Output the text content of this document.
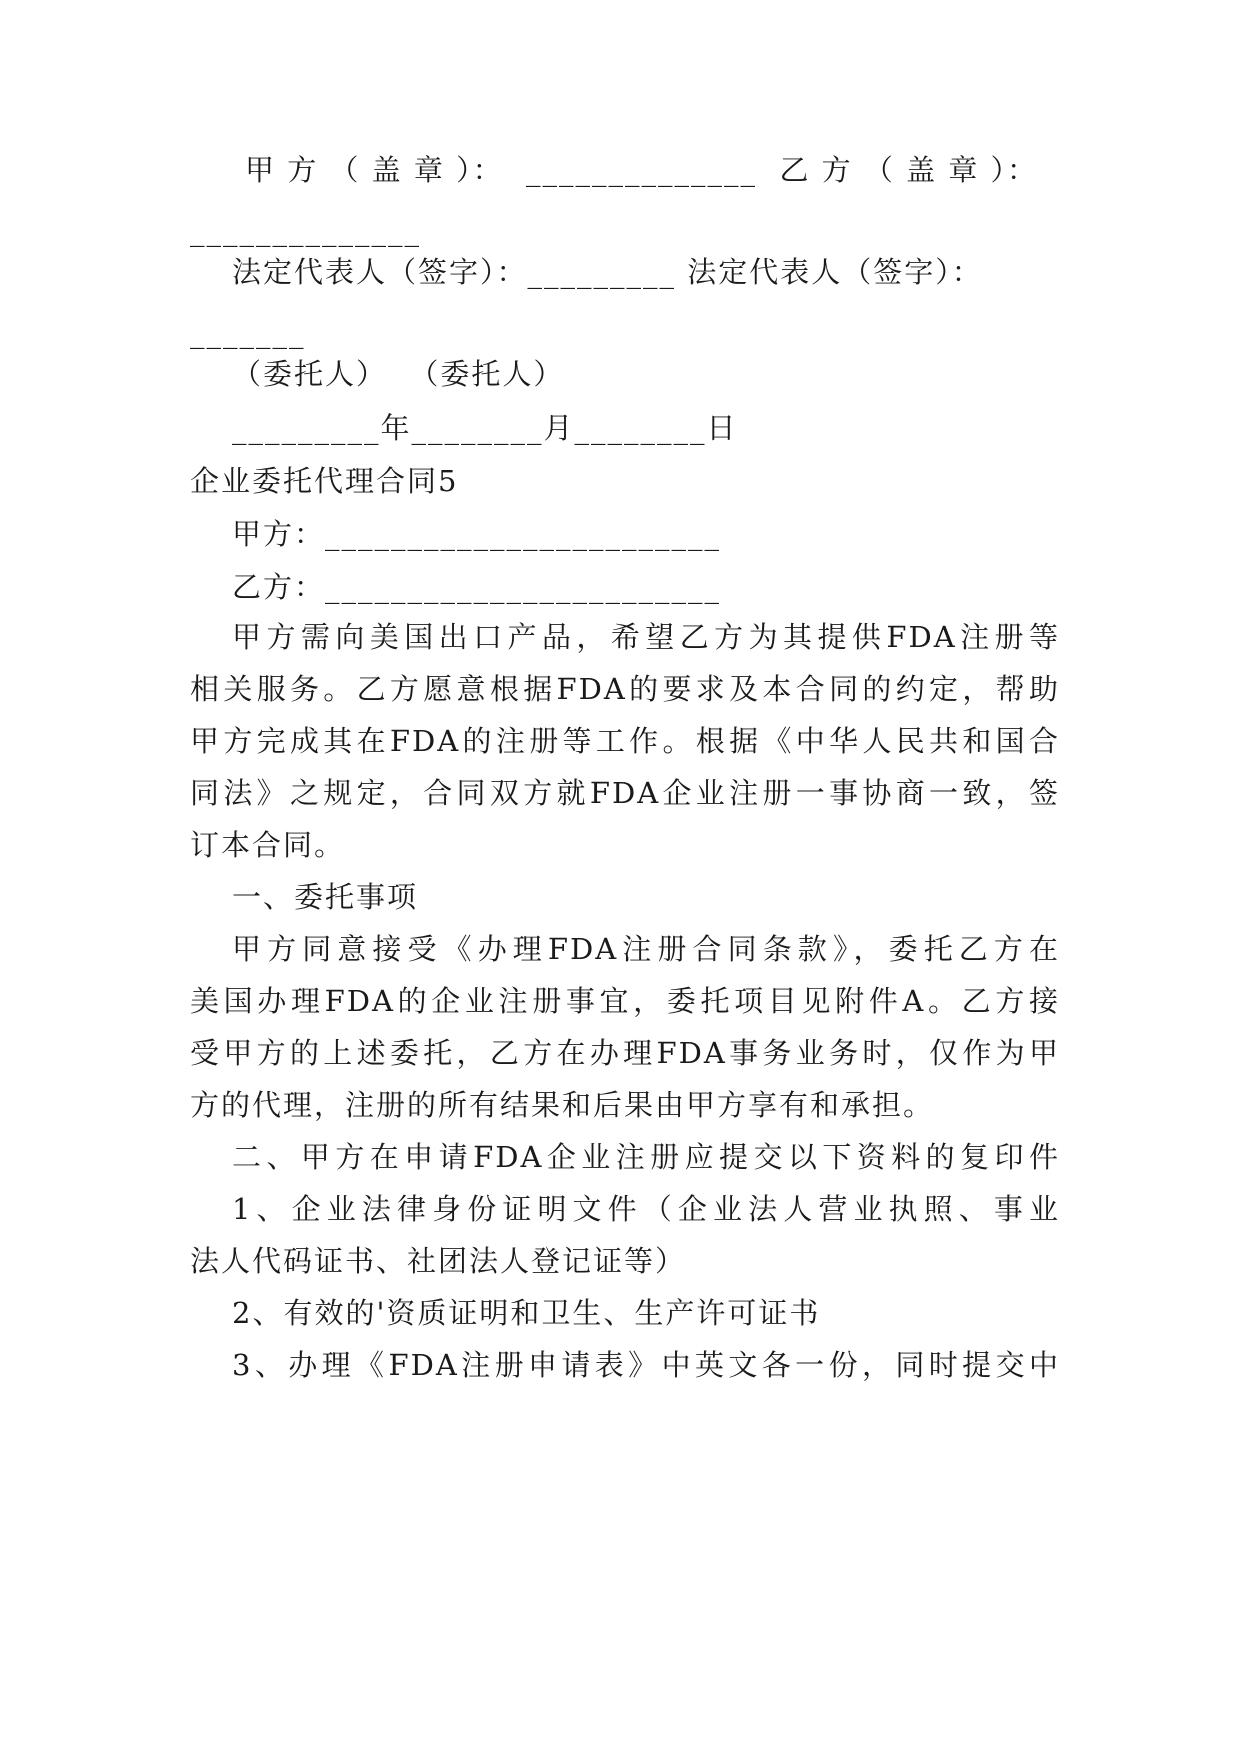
甲 方 （ 盖 章 ）：  ______________  乙 方 （ 盖 章 ）：
______________
法定代表人（签字）：_________ 法定代表人（签字）：
_______
（委托人）  （委托人）
_________年________月________日
企业委托代理合同5
甲方：________________________
乙方：________________________
甲方需向美国出口产品，希望乙方为其提供FDA注册等
相关服务。乙方愿意根据FDA的要求及本合同的约定，帮助
甲方完成其在FDA的注册等工作。根据《中华人民共和国合
同法》之规定，合同双方就FDA企业注册一事协商一致，签
订本合同。
一、委托事项
甲方同意接受《办理FDA注册合同条款》，委托乙方在
美国办理FDA的企业注册事宜，委托项目见附件A。乙方接
受甲方的上述委托，乙方在办理FDA事务业务时，仅作为甲
方的代理，注册的所有结果和后果由甲方享有和承担。
二、甲方在申请FDA企业注册应提交以下资料的复印件
1、企业法律身份证明文件（企业法人营业执照、事业
法人代码证书、社团法人登记证等）
2、有效的'资质证明和卫生、生产许可证书
3、办理《FDA注册申请表》中英文各一份，同时提交中
